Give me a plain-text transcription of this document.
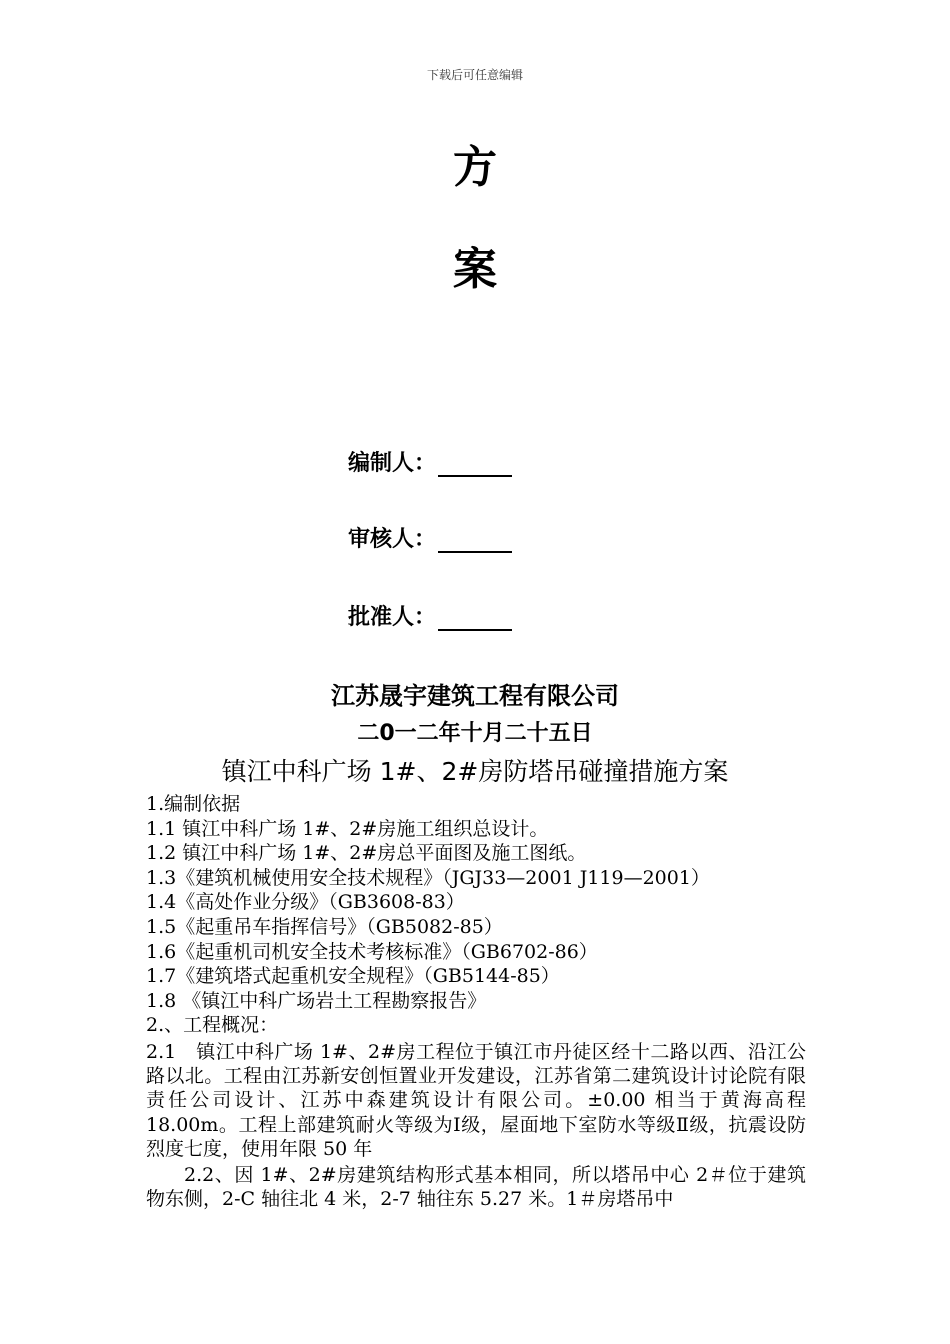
下载后可任意编辑
方
案
编制人：
审核人：
批准人：
江苏晟宇建筑工程有限公司
二0一二年十月二十五日
镇江中科广场 1#、2#房防塔吊碰撞措施方案
1.编制依据
1.1 镇江中科广场 1#、2#房施工组织总设计。
1.2 镇江中科广场 1#、2#房总平面图及施工图纸。
1.3《建筑机械使用安全技术规程》（JGJ33—2001 J119—2001）
1.4《高处作业分级》（GB3608-83）
1.5《起重吊车指挥信号》（GB5082-85）
1.6《起重机司机安全技术考核标准》（GB6702-86）
1.7《建筑塔式起重机安全规程》（GB5144-85）
1.8 《镇江中科广场岩土工程勘察报告》
2.、工程概况：
2.1　镇江中科广场 1#、2#房工程位于镇江市丹徒区经十二路以西、沿江公路以北。工程由江苏新安创恒置业开发建设，江苏省第二建筑设计讨论院有限责任公司设计、江苏中森建筑设计有限公司。±0.00 相当于黄海高程 18.00m。工程上部建筑耐火等级为Ⅰ级，屋面地下室防水等级Ⅱ级，抗震设防烈度七度，使用年限 50 年
2.2、因 1#、2#房建筑结构形式基本相同，所以塔吊中心 2＃位于建筑物东侧，2-C 轴往北 4 米，2-7 轴往东 5.27 米。1＃房塔吊中
